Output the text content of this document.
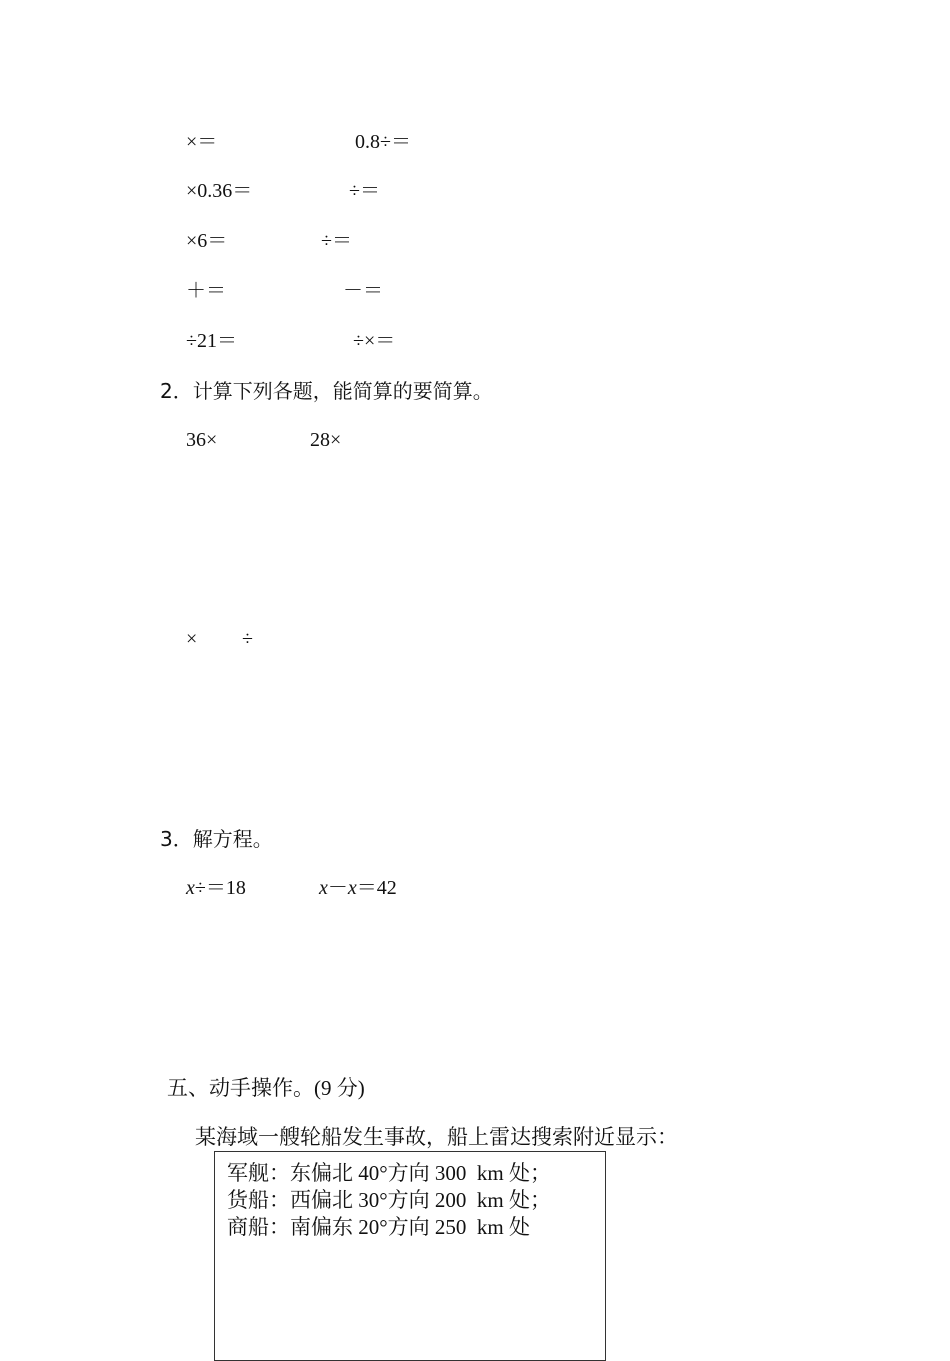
×＝	0.8÷＝
×0.36＝	÷＝
×6＝	÷＝
＋＝	－＝
÷21＝	÷×＝
2．计算下列各题，能简算的要简算。
36×	28×
× ÷
3．解方程。
x÷＝18	x－x＝42
五、动手操作。(9 分)
某海域一艘轮船发生事故，船上雷达搜索附近显示：
军舰：东偏北 40°方向 300  km 处；
货船：西偏北 30°方向 200  km 处；
商船：南偏东 20°方向 250  km 处
